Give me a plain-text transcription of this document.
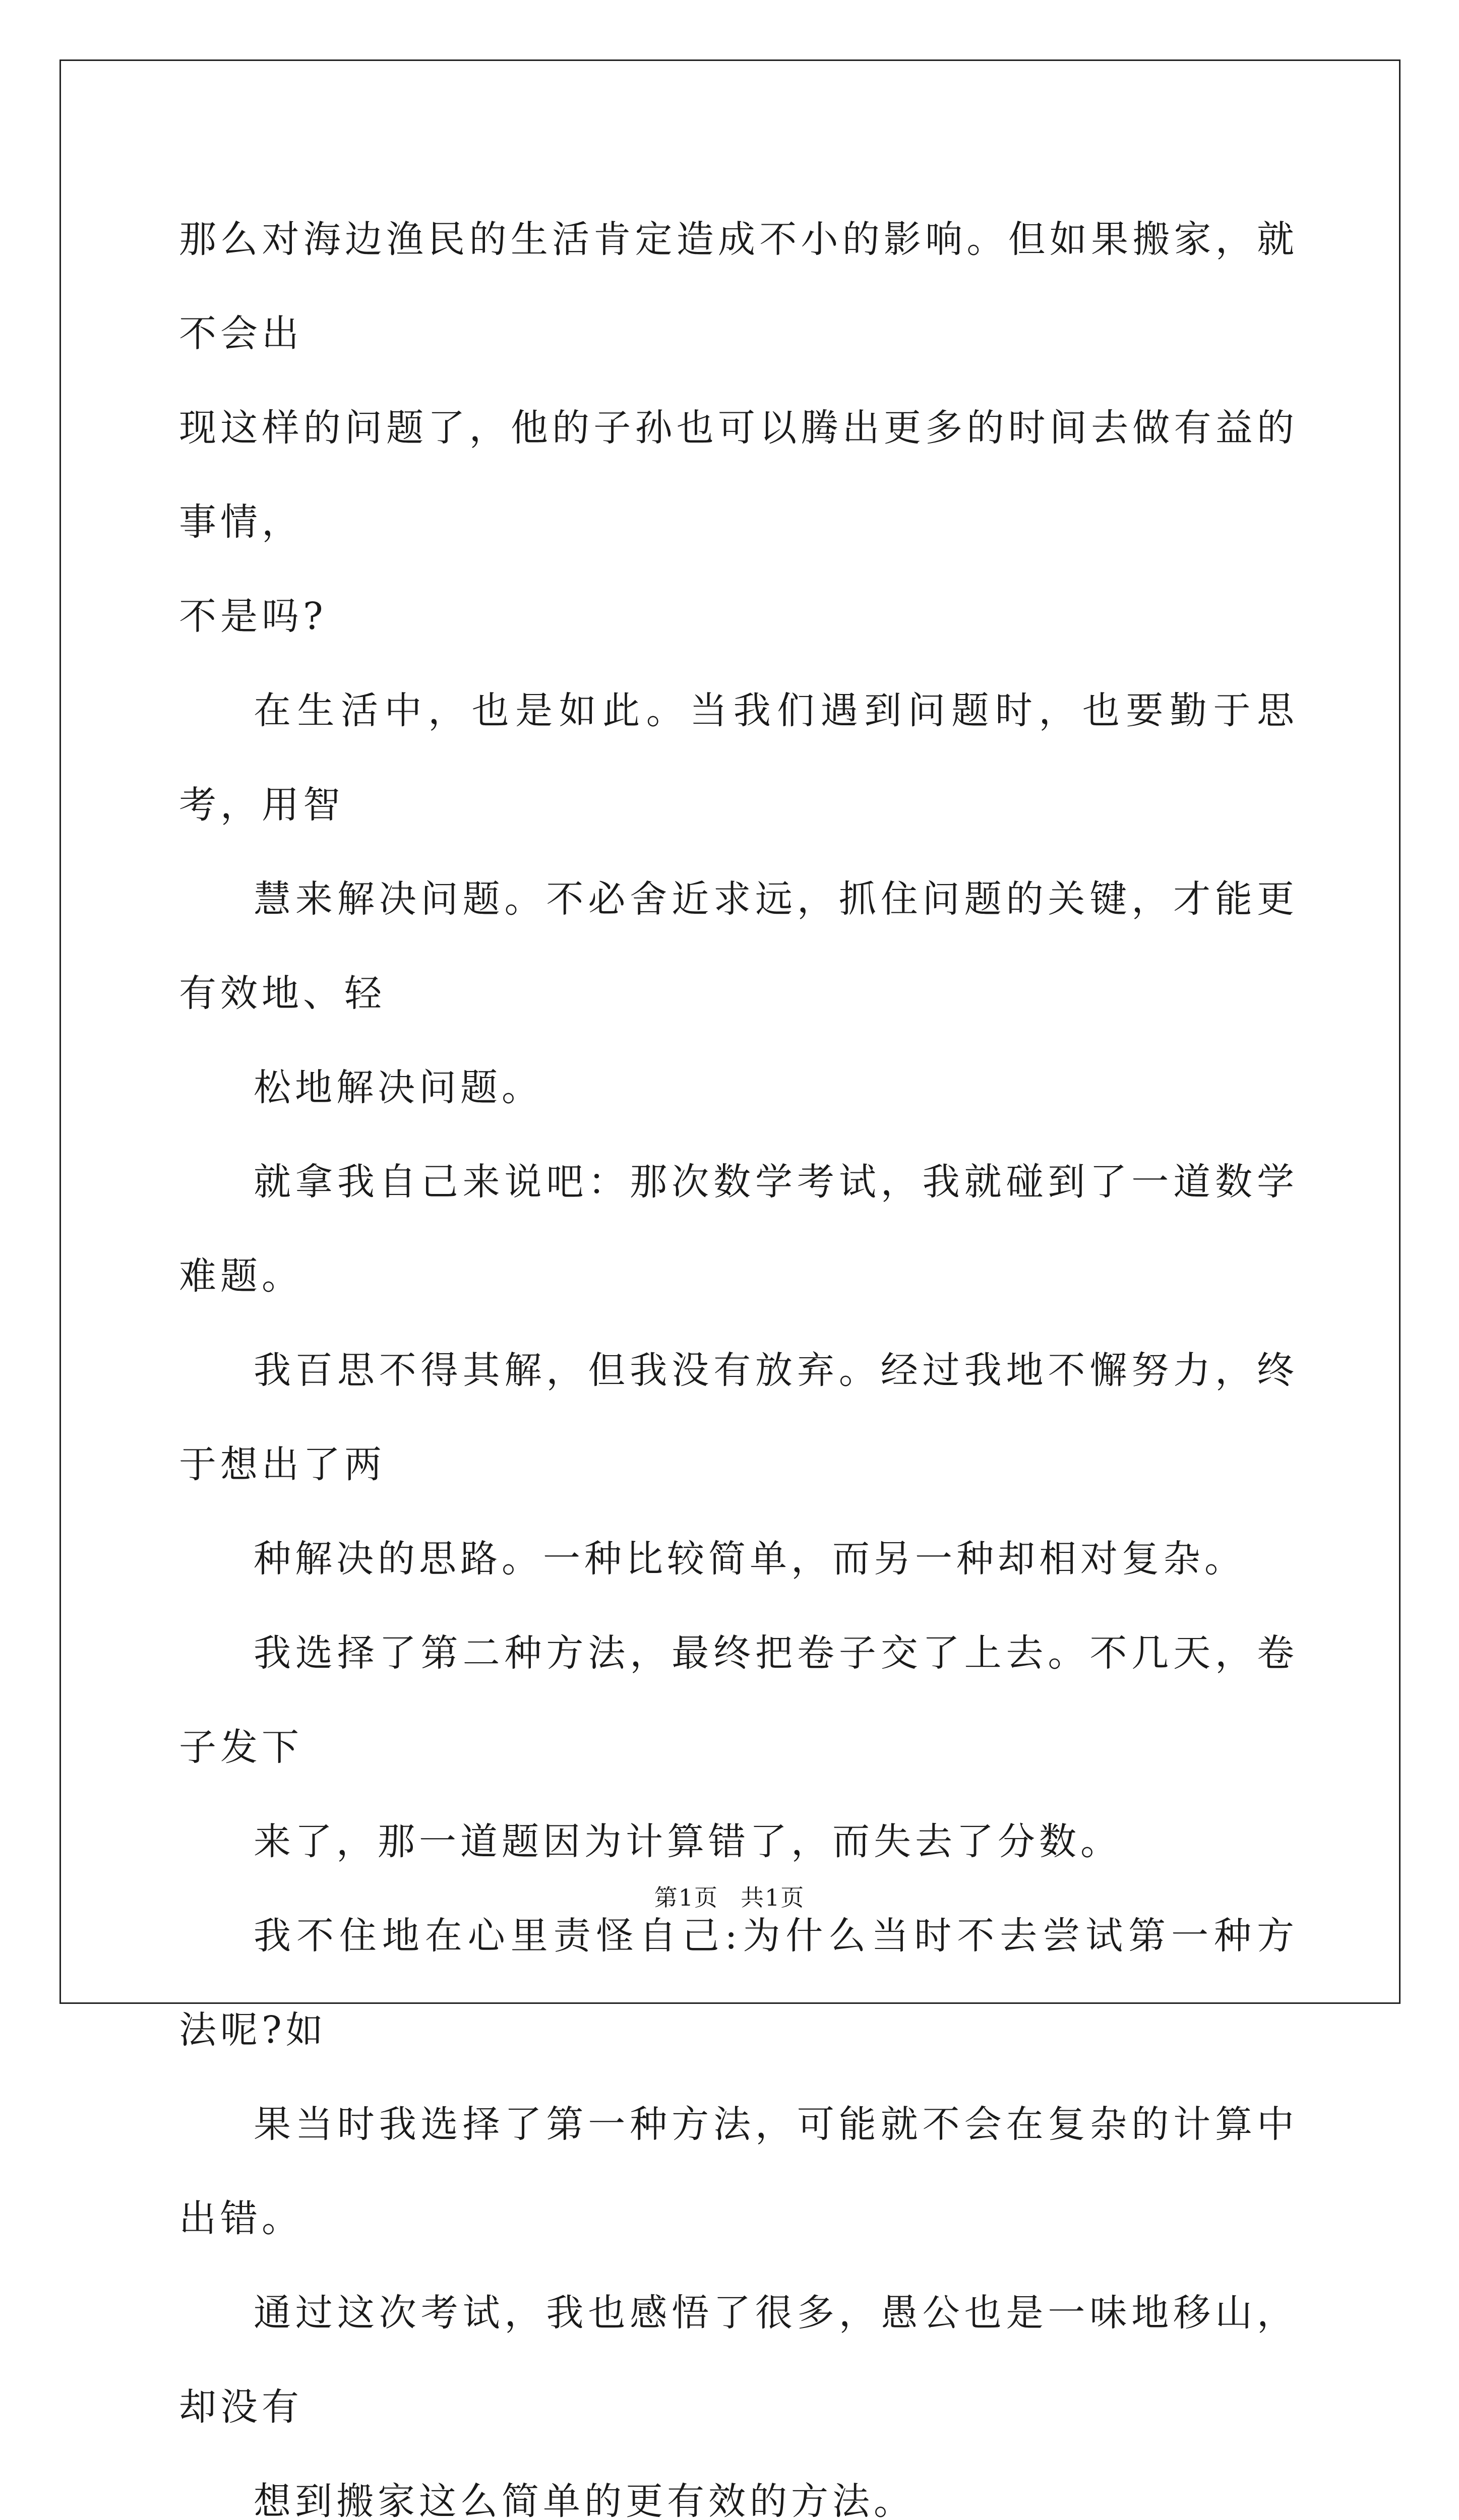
那么对海边渔民的生活肯定造成不小的影响。但如果搬家，就不会出
现这样的问题了，他的子孙也可以腾出更多的时间去做有益的事情，
不是吗?

在生活中，也是如此。当我们遇到问题时，也要勤于思考，用智
慧来解决问题。不必舍近求远，抓住问题的关键，才能更有效地、轻
松地解决问题。

就拿我自己来说吧：那次数学考试，我就碰到了一道数学难题。
我百思不得其解，但我没有放弃。经过我地不懈努力，终于想出了两
种解决的思路。一种比较简单，而另一种却相对复杂。

我选择了第二种方法，最终把卷子交了上去。不几天，卷子发下
来了，那一道题因为计算错了，而失去了分数。

我不住地在心里责怪自己:为什么当时不去尝试第一种方法呢?如
果当时我选择了第一种方法，可能就不会在复杂的计算中出错。

通过这次考试，我也感悟了很多，愚公也是一味地移山，却没有
想到搬家这么简单的更有效的方法。

第1页 共1页
